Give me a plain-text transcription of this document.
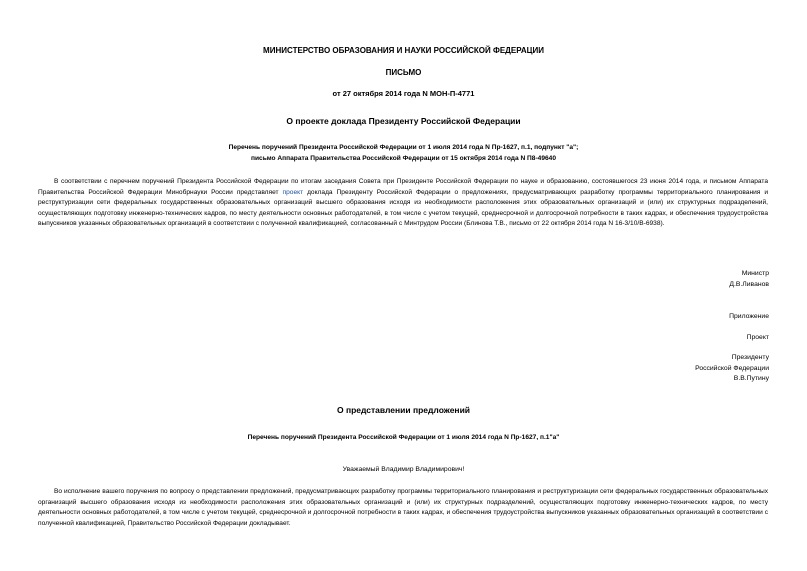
МИНИСТЕРСТВО ОБРАЗОВАНИЯ И НАУКИ РОССИЙСКОЙ ФЕДЕРАЦИИ
ПИСЬМО
от 27 октября 2014 года N МОН-П-4771
О проекте доклада Президенту Российской Федерации
Перечень поручений Президента Российской Федерации от 1 июля 2014 года N Пр-1627, п.1, подпункт "а";
письмо Аппарата Правительства Российской Федерации от 15 октября 2014 года N П8-49640
В соответствии с перечнем поручений Президента Российской Федерации по итогам заседания Совета при Президенте Российской Федерации по науке и образованию, состоявшегося 23 июня 2014 года, и письмом Аппарата Правительства Российской Федерации Минобрнауки России представляет проект доклада Президенту Российской Федерации о предложениях, предусматривающих разработку программы территориального планирования и реструктуризации сети федеральных государственных образовательных организаций высшего образования исходя из необходимости расположения этих образовательных организаций и (или) их структурных подразделений, осуществляющих подготовку инженерно-технических кадров, по месту деятельности основных работодателей, в том числе с учетом текущей, среднесрочной и долгосрочной потребности в таких кадрах, и обеспечения трудоустройства выпускников указанных образовательных организаций в соответствии с полученной квалификацией, согласованный с Минтрудом России (Блинова Т.В., письмо от 22 октября 2014 года N 16-3/10/В-6938).
Министр
Д.В.Ливанов
Приложение
Проект
Президенту
Российской Федерации
В.В.Путину
О представлении предложений
Перечень поручений Президента Российской Федерации от 1 июля 2014 года N Пр-1627, п.1"а"
Уважаемый Владимир Владимирович!
Во исполнение вашего поручения по вопросу о представлении предложений, предусматривающих разработку программы территориального планирования и реструктуризации сети федеральных государственных образовательных организаций высшего образования исходя из необходимости расположения этих образовательных организаций и (или) их структурных подразделений, осуществляющих подготовку инженерно-технических кадров, по месту деятельности основных работодателей, в том числе с учетом текущей, среднесрочной и долгосрочной потребности в таких кадрах, и обеспечения трудоустройства выпускников указанных образовательных организаций в соответствии с полученной квалификацией, Правительство Российской Федерации докладывает.
